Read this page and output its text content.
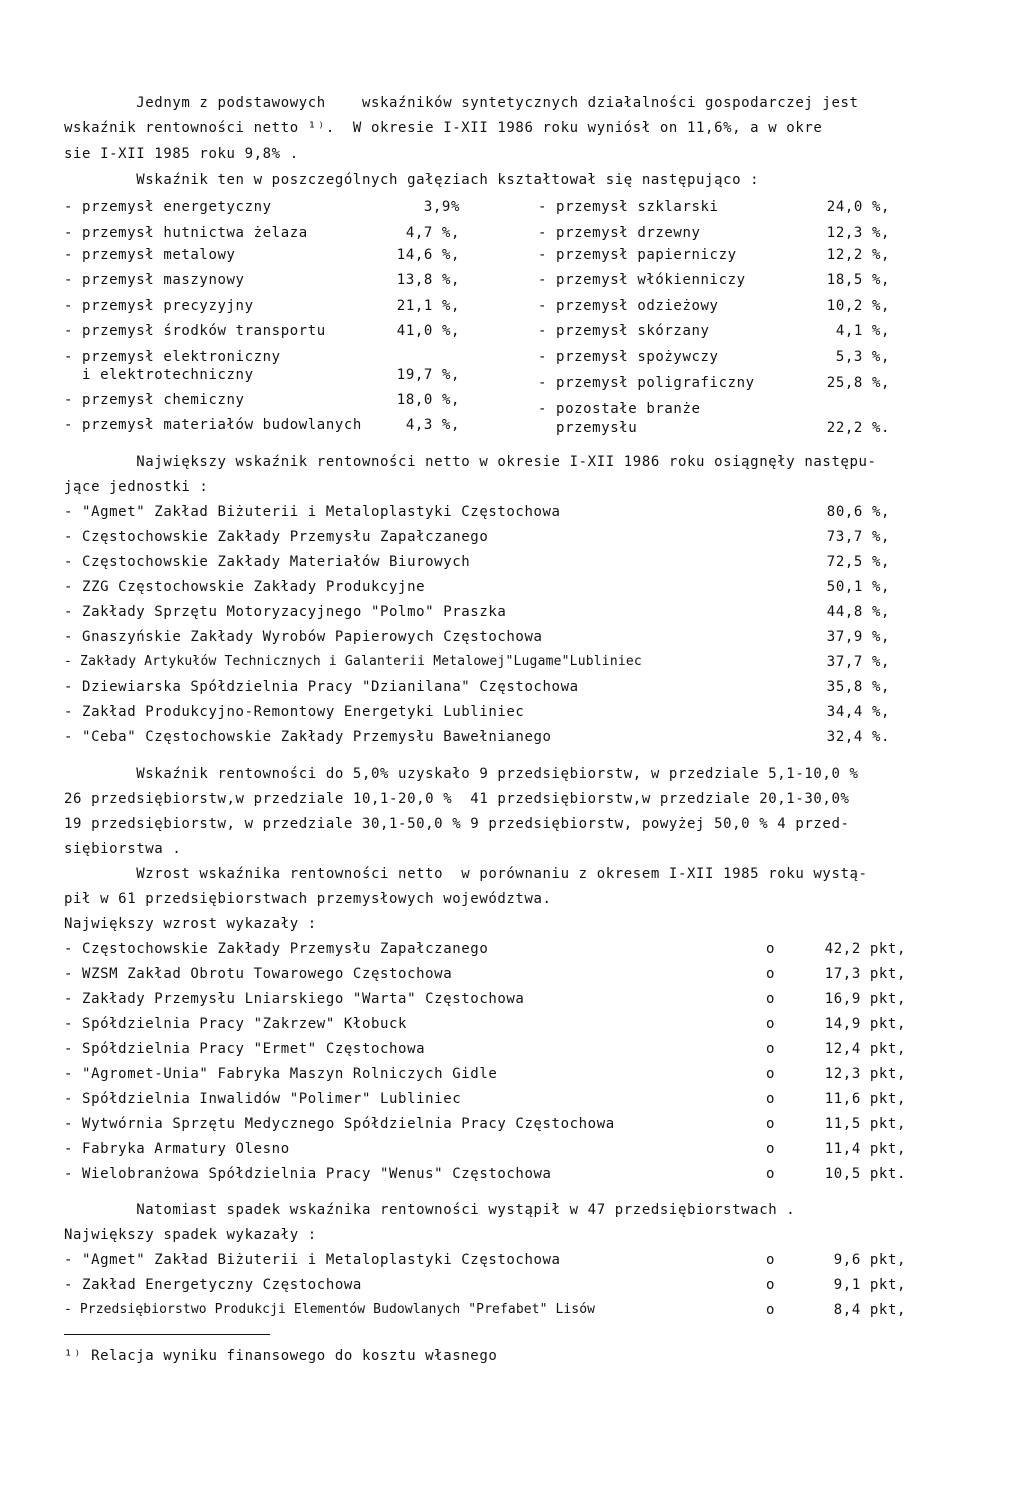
Jednym z podstawowych    wskaźników syntetycznych działalności gospodarczej jest
wskaźnik rentowności netto ¹⁾.  W okresie I-XII 1986 roku wyniósł on 11,6%, a w okre
sie I-XII 1985 roku 9,8% .
Wskaźnik ten w poszczególnych gałęziach kształtował się następująco :
- przemysł energetyczny	3,9%
- przemysł hutnictwa żelaza	4,7 %,
- przemysł metalowy	14,6 %,
- przemysł maszynowy	13,8 %,
- przemysł precyzyjny	21,1 %,
- przemysł środków transportu	41,0 %,
- przemysł elektroniczny
i elektrotechniczny	19,7 %,
- przemysł chemiczny	18,0 %,
- przemysł materiałów budowlanych	4,3 %,
- przemysł szklarski	24,0 %,
- przemysł drzewny	12,3 %,
- przemysł papierniczy	12,2 %,
- przemysł włókienniczy	18,5 %,
- przemysł odzieżowy	10,2 %,
- przemysł skórzany	4,1 %,
- przemysł spożywczy	5,3 %,
- przemysł poligraficzny	25,8 %,
- pozostałe branże
przemysłu	22,2 %.
Największy wskaźnik rentowności netto w okresie I-XII 1986 roku osiągnęły następu-
jące jednostki :
- "Agmet" Zakład Biżuterii i Metaloplastyki Częstochowa	80,6 %,
- Częstochowskie Zakłady Przemysłu Zapałczanego	73,7 %,
- Częstochowskie Zakłady Materiałów Biurowych	72,5 %,
- ZZG Częstochowskie Zakłady Produkcyjne	50,1 %,
- Zakłady Sprzętu Motoryzacyjnego "Polmo" Praszka	44,8 %,
- Gnaszyńskie Zakłady Wyrobów Papierowych Częstochowa	37,9 %,
- Zakłady Artykułów Technicznych i Galanterii Metalowej"Lugame"Lubliniec	37,7 %,
- Dziewiarska Spółdzielnia Pracy "Dzianilana" Częstochowa	35,8 %,
- Zakład Produkcyjno-Remontowy Energetyki Lubliniec	34,4 %,
- "Ceba" Częstochowskie Zakłady Przemysłu Bawełnianego	32,4 %.
Wskaźnik rentowności do 5,0% uzyskało 9 przedsiębiorstw, w przedziale 5,1-10,0 %
26 przedsiębiorstw,w przedziale 10,1-20,0 %  41 przedsiębiorstw,w przedziale 20,1-30,0%
19 przedsiębiorstw, w przedziale 30,1-50,0 % 9 przedsiębiorstw, powyżej 50,0 % 4 przed-
siębiorstwa .
Wzrost wskaźnika rentowności netto  w porównaniu z okresem I-XII 1985 roku wystą-
pił w 61 przedsiębiorstwach przemysłowych województwa.
Największy wzrost wykazały :
- Częstochowskie Zakłady Przemysłu Zapałczanego	o	42,2 pkt,
- WZSM Zakład Obrotu Towarowego Częstochowa	o	17,3 pkt,
- Zakłady Przemysłu Lniarskiego "Warta" Częstochowa	o	16,9 pkt,
- Spółdzielnia Pracy "Zakrzew" Kłobuck	o	14,9 pkt,
- Spółdzielnia Pracy "Ermet" Częstochowa	o	12,4 pkt,
- "Agromet-Unia" Fabryka Maszyn Rolniczych Gidle	o	12,3 pkt,
- Spółdzielnia Inwalidów "Polimer" Lubliniec	o	11,6 pkt,
- Wytwórnia Sprzętu Medycznego Spółdzielnia Pracy Częstochowa	o	11,5 pkt,
- Fabryka Armatury Olesno	o	11,4 pkt,
- Wielobranżowa Spółdzielnia Pracy "Wenus" Częstochowa	o	10,5 pkt.
Natomiast spadek wskaźnika rentowności wystąpił w 47 przedsiębiorstwach .
Największy spadek wykazały :
- "Agmet" Zakład Biżuterii i Metaloplastyki Częstochowa	o	9,6 pkt,
- Zakład Energetyczny Częstochowa	o	9,1 pkt,
- Przedsiębiorstwo Produkcji Elementów Budowlanych "Prefabet" Lisów	o	8,4 pkt,
¹⁾ Relacja wyniku finansowego do kosztu własnego
